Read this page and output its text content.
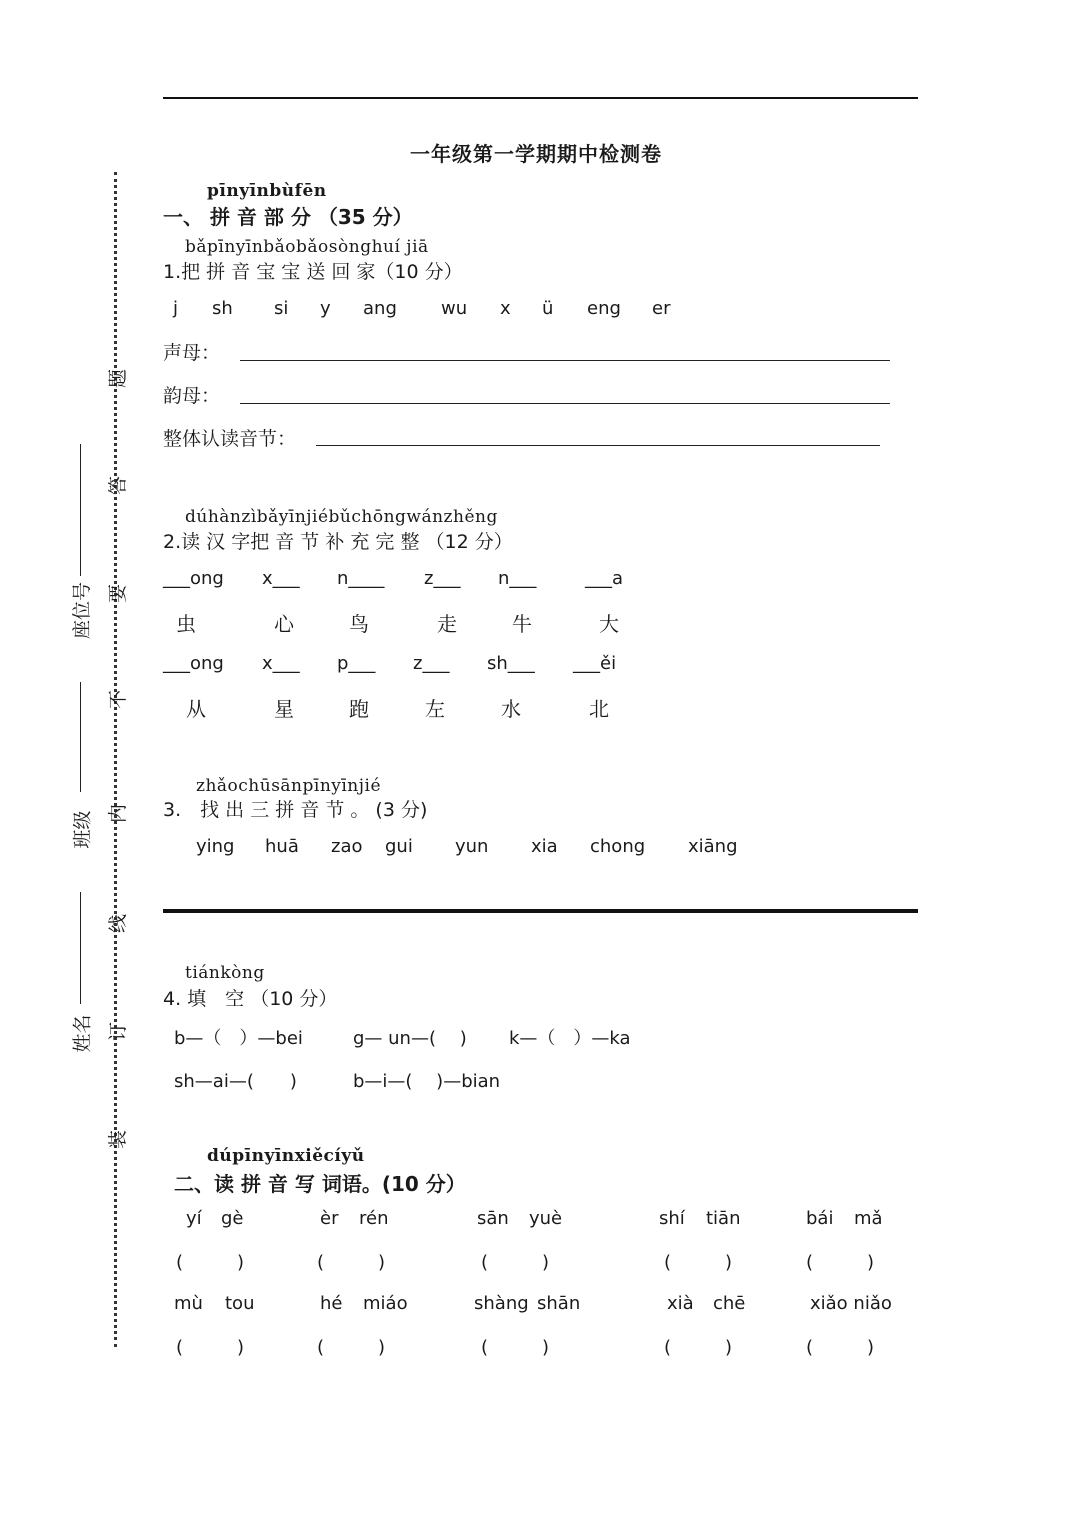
一年级第一学期期中检测卷
题
答
要
不
内
线
订
装
座位号
班级
姓名
pīnyīnbùfēn
一、 拼 音 部 分 （35 分）
bǎpīnyīnbǎobǎosònghuí jiā
1.把 拼 音 宝 宝 送 回 家（10 分）
j sh si y ang wu x ü eng er
声母：
韵母：
整体认读音节：
dúhànzìbǎyīnjiébǔchōngwánzhěng
2.读 汉 字把 音 节 补 充 完 整 （12 分）
___ong x___ n____ z___ n___	___a
虫	心	鸟	走	牛	大
___ong x___ p___ z___ sh___ ___ěi
从	星	跑	左	水	北
zhǎochūsānpīnyīnjié
3.　找 出 三 拼 音 节 。 (3 分)
ying huā zao gui yun xia chong xiāng
tiánkòng
4. 填　空 （10 分）
b—（　）—bei	g— un—(　 ) k—（　）—ka
sh—ai—(　　)	b—i—(　 )—bian
dúpīnyīnxiěcíyǔ
二、读 拼 音 写 词语。(10 分）
yí gè	èr rén	sān yuè	shí tiān	bái mǎ
(　　　)	(　　　)	(　　　)	(　　　)	(　　　)
mù tou	hé miáo	shàng shān	xià chē	xiǎo niǎo
(　　　)	(　　　)	(　　　)	(　　　)	(　　　)
